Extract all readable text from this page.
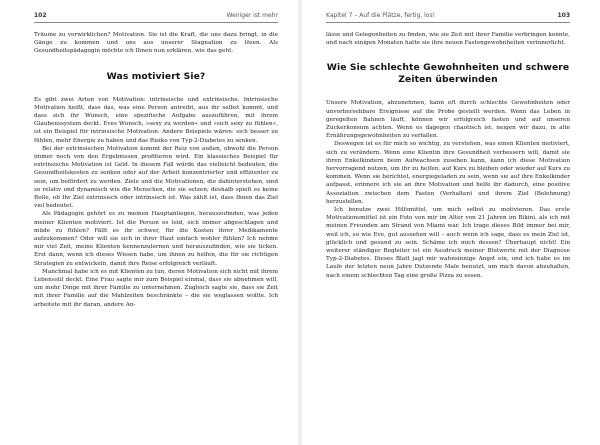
102	Weniger ist mehr

Träume zu verwirklichen? Motivation. Sie ist die Kraft, die uns dazu bringt, in die Gänge zu kommen und uns aus unserer Stagnation zu lösen. Als Gesundheitspädagogin möchte ich Ihnen nun erklären, wie das geht.

Was motiviert Sie?

Es gibt zwei Arten von Motivation: intrinsische und extrinsische. Intrinsische Motivation heißt, dass das, was eine Person antreibt, aus ihr selbst kommt, und dass sich ihr Wunsch, eine spezifische Aufgabe auszuführen, mit ihrem Glaubenssystem deckt. Eves Wunsch, »sexy zu werden« und »sich sexy zu fühlen«, ist ein Beispiel für intrinsische Motivation. Andere Beispiele wären: sich besser zu fühlen, mehr Energie zu haben und das Risiko von Typ-2-Diabetes zu senken.

Bei der extrinsischen Motivation kommt der Reiz von außen, obwohl die Person immer noch von den Ergebnissen profitieren wird. Ein klassisches Beispiel für extrinsische Motivation ist Geld. In diesem Fall würde das vielleicht bedeuten, die Gesundheitskosten zu senken oder auf der Arbeit konzentrierter und effizienter zu sein, um befördert zu werden. Ziele und die Motivationen, die dahinterstehen, sind so relativ und dynamisch wie die Menschen, die sie setzen; deshalb spielt es keine Rolle, ob Ihr Ziel extrinsisch oder intrinsisch ist. Was zählt ist, dass Ihnen das Ziel viel bedeutet.

Als Pädagogin gehört es zu meinen Hauptanliegen, herauszufinden, was jeden meiner Klienten motiviert. Ist die Person es leid, sich immer abgeschlagen und müde zu fühlen? Fällt es ihr schwer, für die Kosten ihrer Medikamente aufzukommen? Oder will sie sich in ihrer Haut einfach wohler fühlen? Ich nehme mir viel Zeit, meine Klienten kennenzulernen und herauszufinden, wie sie ticken. Erst dann, wenn ich dieses Wissen habe, um ihnen zu helfen, die für sie richtigen Strategien zu entwickeln, damit ihre Reise erfolgreich verläuft.

Manchmal habe ich es mit Klienten zu tun, deren Motivation sich nicht mit ihrem Lebensstil deckt. Eine Frau sagte mir zum Beispiel einmal, dass sie abnehmen will, um mehr Dinge mit ihrer Familie zu unternehmen. Zugleich sagte sie, dass sie Zeit mit ihrer Familie auf die Mahlzeiten beschränkte – die sie weglassen wollte. Ich arbeitete mit ihr daran, andere An-

Kapitel 7 – Auf die Plätze, fertig, los!	103

lässe und Gelegenheiten zu finden, wie sie Zeit mit ihrer Familie verbringen konnte, und nach einigen Monaten hatte sie ihre neuen Fastengewohnheiten verinnerlicht.

Wie Sie schlechte Gewohnheiten und schwere Zeiten überwinden

Unsere Motivation, abzunehmen, kann oft durch schlechte Gewohnheiten oder unvorhersehbare Ereignisse auf die Probe gestellt werden. Wenn das Leben in geregelten Bahnen läuft, können wir erfolgreich fasten und auf unseren Zuckerkonsum achten. Wenn es dagegen chaotisch ist, neigen wir dazu, in alte Ernährungsgewohnheiten zu verfallen.

Deswegen ist es für mich so wichtig, zu verstehen, was einen Klienten motiviert, sich zu verändern. Wenn eine Klientin ihre Gesundheit verbessern will, damit sie ihren Enkelkindern beim Aufwachsen zusehen kann, kann ich diese Motivation hervorragend nutzen, um ihr zu helfen, auf Kurs zu bleiben oder wieder auf Kurs zu kommen. Wenn sie berichtet, energiegeladen zu sein, wenn sie auf ihre Enkelkinder aufpasst, erinnere ich sie an ihre Motivation und helfe ihr dadurch, eine positive Assoziation zwischen dem Fasten (Verhalten) und ihrem Ziel (Belohnung) herzustellen.

Ich benutze zwei Hilfsmittel, um mich selbst zu motivieren. Das erste Motivationsmittel ist ein Foto von mir im Alter von 21 Jahren im Bikini, als ich mit meinen Freunden am Strand von Miami war. Ich trage dieses Bild immer bei mir, weil ich, so wie Eve, gut aussehen will – auch wenn ich sage, dass es mein Ziel ist, glücklich und gesund zu sein. Schäme ich mich dessen? Überhaupt nicht! Ein weiterer ständiger Begleiter ist ein Ausdruck meiner Blutwerte mit der Diagnose Typ-2-Diabetes. Dieses Blatt jagt mir wahnsinnige Angst ein, und ich habe es im Laufe der letzten neun Jahre Dutzende Male benutzt, um mich davon abzuhalten, nach einem schlechten Tag eine große Pizza zu essen.
